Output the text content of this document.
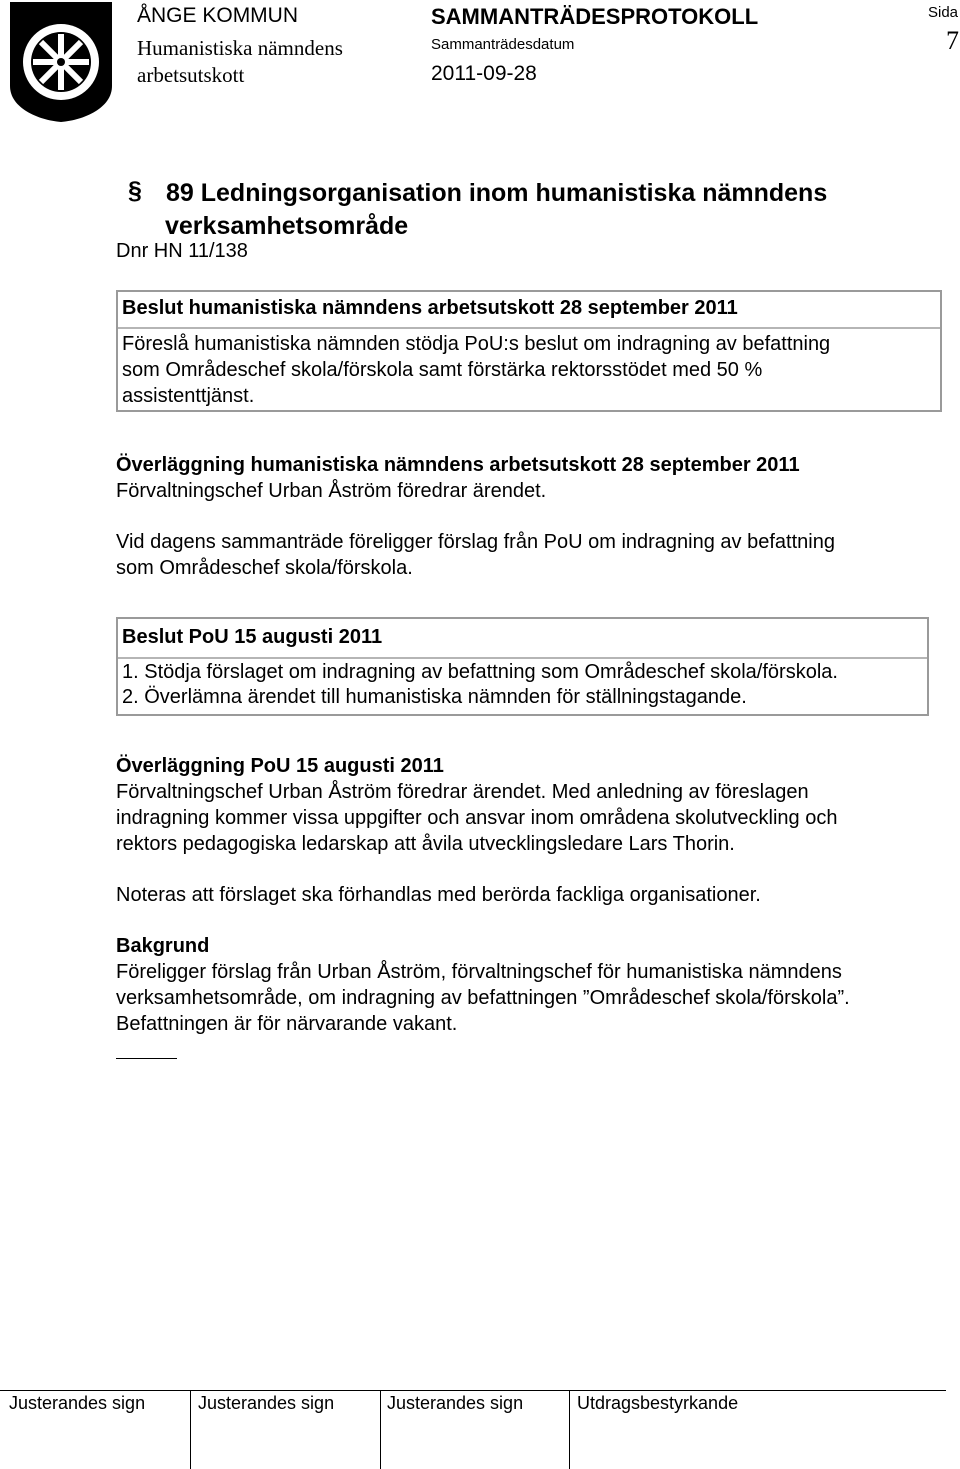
ÅNGE KOMMUN
Humanistiska nämndens
arbetsutskott
SAMMANTRÄDESPROTOKOLL
Sammanträdesdatum
2011-09-28
Sida
7
§ 89 Ledningsorganisation inom humanistiska nämndens
verksamhetsområde
Dnr HN 11/138
Beslut humanistiska nämndens arbetsutskott 28 september 2011
Föreslå humanistiska nämnden stödja PoU:s beslut om indragning av befattning
som Områdeschef skola/förskola samt förstärka rektorsstödet med 50 %
assistenttjänst.
Överläggning humanistiska nämndens arbetsutskott 28 september 2011
Förvaltningschef Urban Åström föredrar ärendet.
Vid dagens sammanträde föreligger förslag från PoU om indragning av befattning
som Områdeschef skola/förskola.
Beslut PoU 15 augusti 2011
1. Stödja förslaget om indragning av befattning som Områdeschef skola/förskola.
2. Överlämna ärendet till humanistiska nämnden för ställningstagande.
Överläggning PoU 15 augusti 2011
Förvaltningschef Urban Åström föredrar ärendet. Med anledning av föreslagen
indragning kommer vissa uppgifter och ansvar inom områdena skolutveckling och
rektors pedagogiska ledarskap att åvila utvecklingsledare Lars Thorin.
Noteras att förslaget ska förhandlas med berörda fackliga organisationer.
Bakgrund
Föreligger förslag från Urban Åström, förvaltningschef för humanistiska nämndens
verksamhetsområde, om indragning av befattningen ”Områdeschef skola/förskola”.
Befattningen är för närvarande vakant.
Justerandes sign	Justerandes sign	Justerandes sign	Utdragsbestyrkande
